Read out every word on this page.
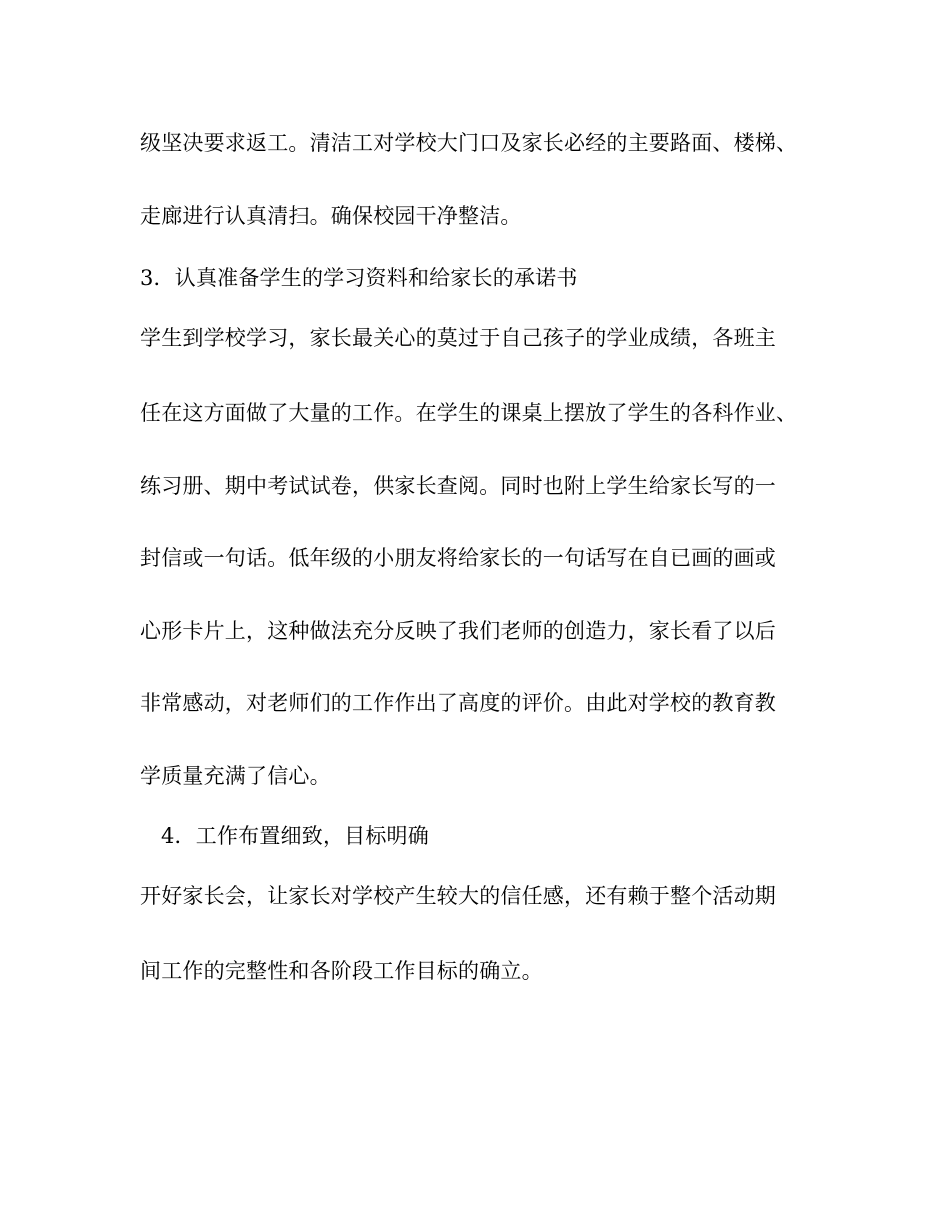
级坚决要求返工。清洁工对学校大门口及家长必经的主要路面、楼梯、
走廊进行认真清扫。确保校园干净整洁。
3．认真准备学生的学习资料和给家长的承诺书
学生到学校学习，家长最关心的莫过于自己孩子的学业成绩，各班主
任在这方面做了大量的工作。在学生的课桌上摆放了学生的各科作业、
练习册、期中考试试卷，供家长查阅。同时也附上学生给家长写的一
封信或一句话。低年级的小朋友将给家长的一句话写在自已画的画或
心形卡片上，这种做法充分反映了我们老师的创造力，家长看了以后
非常感动，对老师们的工作作出了高度的评价。由此对学校的教育教
学质量充满了信心。
4．工作布置细致，目标明确
开好家长会，让家长对学校产生较大的信任感，还有赖于整个活动期
间工作的完整性和各阶段工作目标的确立。
